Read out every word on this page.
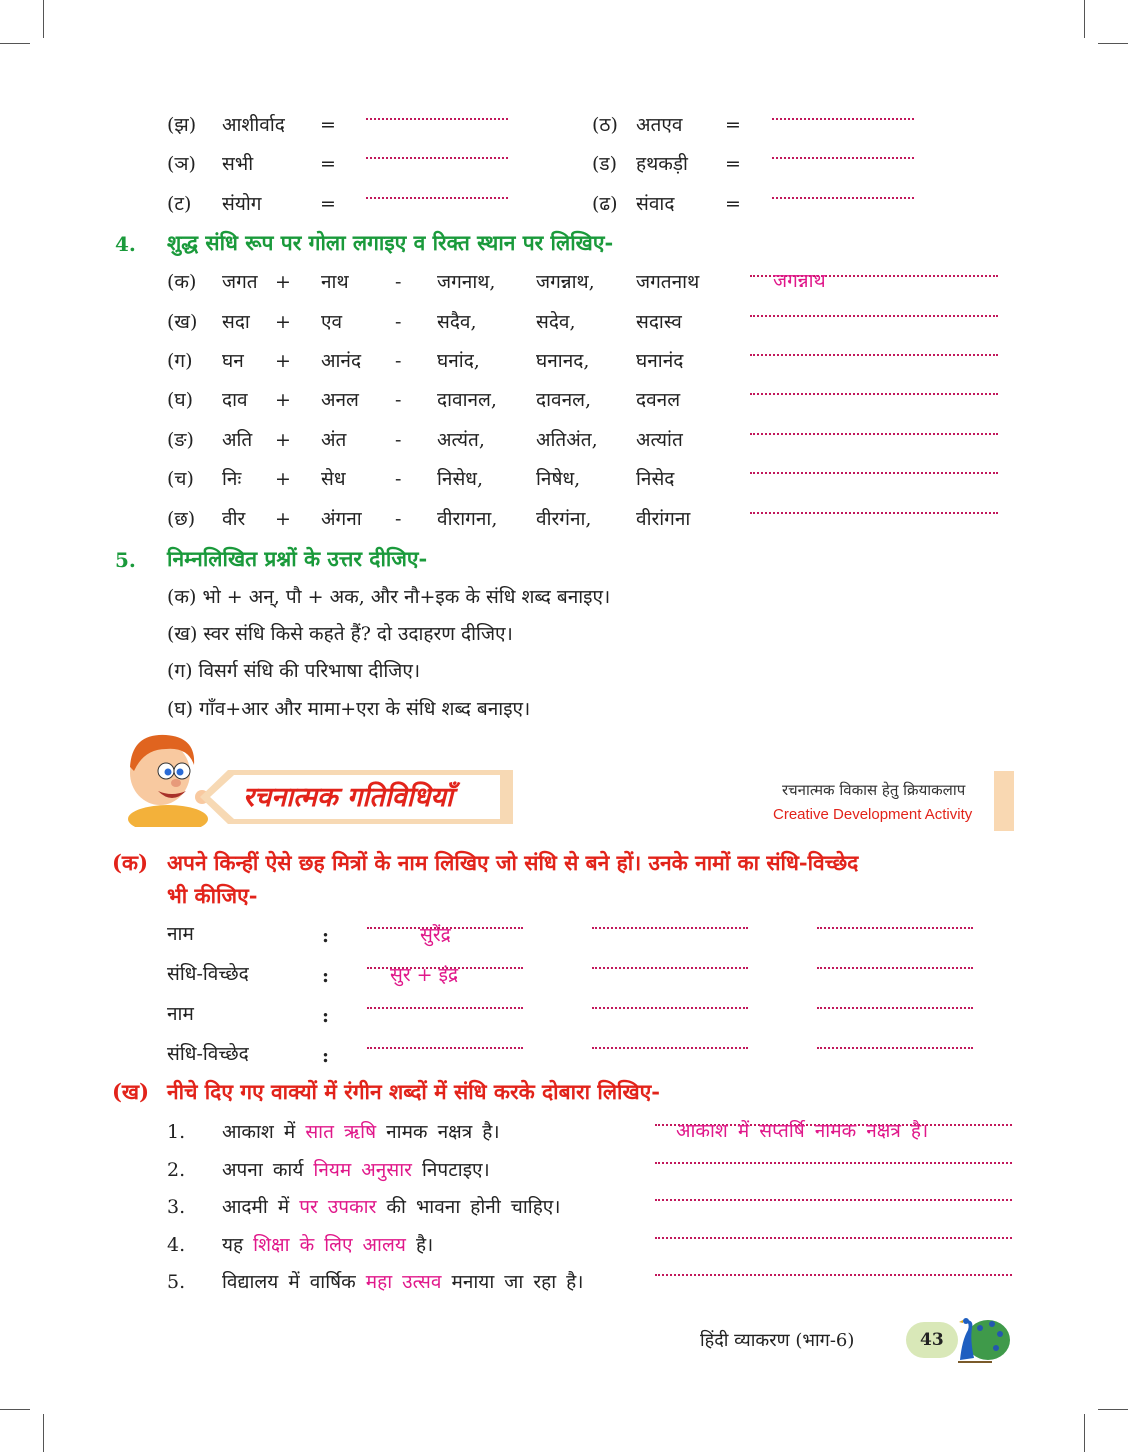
(झ) आशीर्वाद =	(ठ) अतएव =
(ञ) सभी	=	(ड) हथकड़ी =
(ट) संयोग	=	(ढ) संवाद	=
4. शुद्ध संधि रूप पर गोला लगाइए व रिक्त स्थान पर लिखिए-
(क) जगत + नाथ - जगनाथ, जगन्नाथ, जगतनाथ	जगन्नाथ
(ख) सदा + एव	- सदैव,	सदेव,	सदास्व
(ग) घन + आनंद - घनांद,	घनानद, घनानंद
(घ) दाव + अनल - दावानल, दावनल, दवनल
(ङ) अति + अंत	- अत्यंत,	अतिअंत, अत्यांत
(च) निः + सेध	- निसेध,	निषेध,	निसेद
(छ) वीर + अंगना - वीरागना, वीरगंना, वीरांगना
5. निम्नलिखित प्रश्नों के उत्तर दीजिए-
(क) भो + अन्, पौ + अक, और नौ+इक के संधि शब्द बनाइए।
(ख) स्वर संधि किसे कहते हैं? दो उदाहरण दीजिए।
(ग) विसर्ग संधि की परिभाषा दीजिए।
(घ) गाँव+आर और मामा+एरा के संधि शब्द बनाइए।
रचनात्मक गतिविधियाँ	रचनात्मक विकास हेतु क्रियाकलाप
Creative Development Activity
(क) अपने किन्हीं ऐसे छह मित्रों के नाम लिखिए जो संधि से बने हों। उनके नामों का संधि-विच्छेद
भी कीजिए-
नाम	:	सुरेंद्र
संधि-विच्छेद	:	सुर + इंद्र
नाम	:
संधि-विच्छेद	:
(ख) नीचे दिए गए वाक्यों में रंगीन शब्दों में संधि करके दोबारा लिखिए-
1. आकाश में सात ऋषि नामक नक्षत्र है।	आकाश में सप्तर्षि नामक नक्षत्र है।
2. अपना कार्य नियम अनुसार निपटाइए।
3. आदमी में पर उपकार की भावना होनी चाहिए।
4. यह शिक्षा के लिए आलय है।
5. विद्यालय में वार्षिक महा उत्सव मनाया जा रहा है।
हिंदी व्याकरण (भाग-6)	43
